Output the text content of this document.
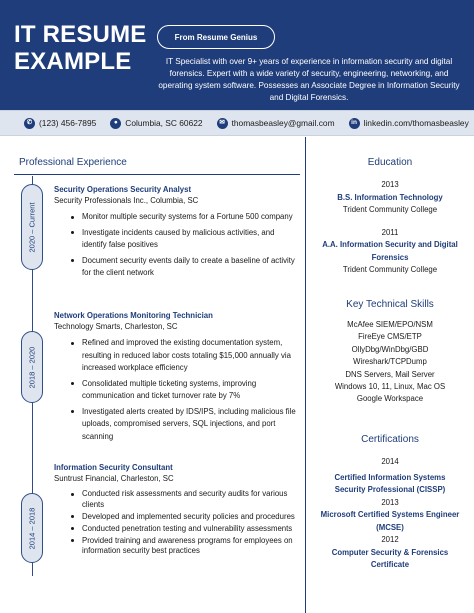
IT RESUME
EXAMPLE
From Resume Genius
IT Specialist with over 9+ years of experience in information security and digital forensics. Expert with a wide variety of security, engineering, networking, and operating system software. Possesses an Associate Degree in Information Security and Digital Forensics.
✆ (123) 456-7895	● Columbia, SC 60622	✉ thomasbeasley@gmail.com	in linkedin.com/thomasbeasley
Professional Experience
2020 – Current
2018 – 2020
2014 – 2018
Security Operations Security Analyst
Security Professionals Inc., Columbia, SC
Monitor multiple security systems for a Fortune 500 company
Investigate incidents caused by malicious activities, and identify false positives
Document security events daily to create a baseline of activity for the client network
Network Operations Monitoring Technician
Technology Smarts, Charleston, SC
Refined and improved the existing documentation system, resulting in reduced labor costs totaling $15,000 annually via increased workplace efficiency
Consolidated multiple ticketing systems, improving communication and ticket turnover rate by 7%
Investigated alerts created by IDS/IPS, including malicious file uploads, compromised servers, SQL injections, and port scanning
Information Security Consultant
Suntrust Financial, Charleston, SC
Conducted risk assessments and security audits for various clients
Developed and implemented security policies and procedures
Conducted penetration testing and vulnerability assessments
Provided training and awareness programs for employees on information security best practices
Education
2013
B.S. Information Technology
Trident Community College
2011
A.A. Information Security and Digital Forensics
Trident Community College
Key Technical Skills
McAfee SIEM/EPO/NSM
FireEye CMS/ETP
OllyDbg/WinDbg/GBD
Wireshark/TCPDump
DNS Servers, Mail Server
Windows 10, 11, Linux, Mac OS
Google Workspace
Certifications
2014
Certified Information Systems Security Professional (CISSP)
2013
Microsoft Certified Systems Engineer (MCSE)
2012
Computer Security & Forensics Certificate
